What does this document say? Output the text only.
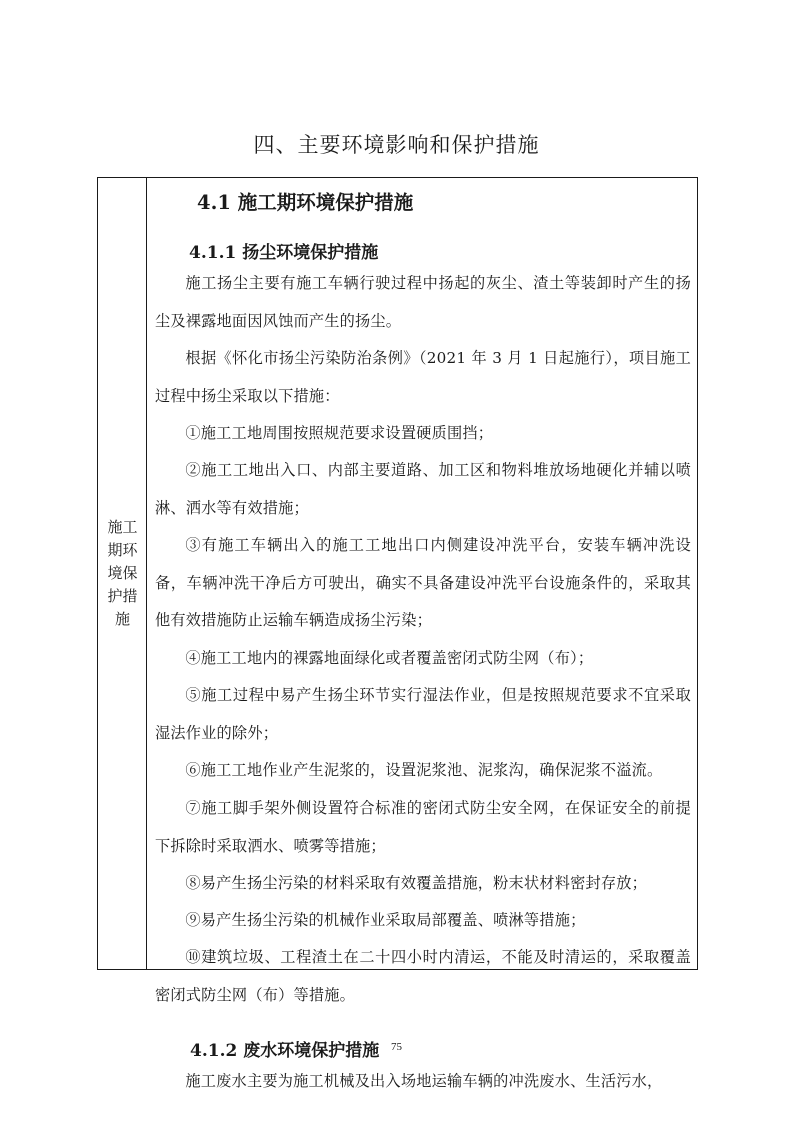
四、主要环境影响和保护措施
施工期环境保护措施
4.1 施工期环境保护措施
4.1.1 扬尘环境保护措施

施工扬尘主要有施工车辆行驶过程中扬起的灰尘、渣土等装卸时产生的扬尘及裸露地面因风蚀而产生的扬尘。

根据《怀化市扬尘污染防治条例》（2021 年 3 月 1 日起施行），项目施工过程中扬尘采取以下措施：

①施工工地周围按照规范要求设置硬质围挡；

②施工工地出入口、内部主要道路、加工区和物料堆放场地硬化并辅以喷淋、洒水等有效措施；

③有施工车辆出入的施工工地出口内侧建设冲洗平台，安装车辆冲洗设备，车辆冲洗干净后方可驶出，确实不具备建设冲洗平台设施条件的，采取其他有效措施防止运输车辆造成扬尘污染；

④施工工地内的裸露地面绿化或者覆盖密闭式防尘网（布）；

⑤施工过程中易产生扬尘环节实行湿法作业，但是按照规范要求不宜采取湿法作业的除外；

⑥施工工地作业产生泥浆的，设置泥浆池、泥浆沟，确保泥浆不溢流。

⑦施工脚手架外侧设置符合标准的密闭式防尘安全网，在保证安全的前提下拆除时采取洒水、喷雾等措施；

⑧易产生扬尘污染的材料采取有效覆盖措施，粉末状材料密封存放；

⑨易产生扬尘污染的机械作业采取局部覆盖、喷淋等措施；

⑩建筑垃圾、工程渣土在二十四小时内清运，不能及时清运的，采取覆盖密闭式防尘网（布）等措施。

4.1.2 废水环境保护措施

施工废水主要为施工机械及出入场地运输车辆的冲洗废水、生活污水，

75
